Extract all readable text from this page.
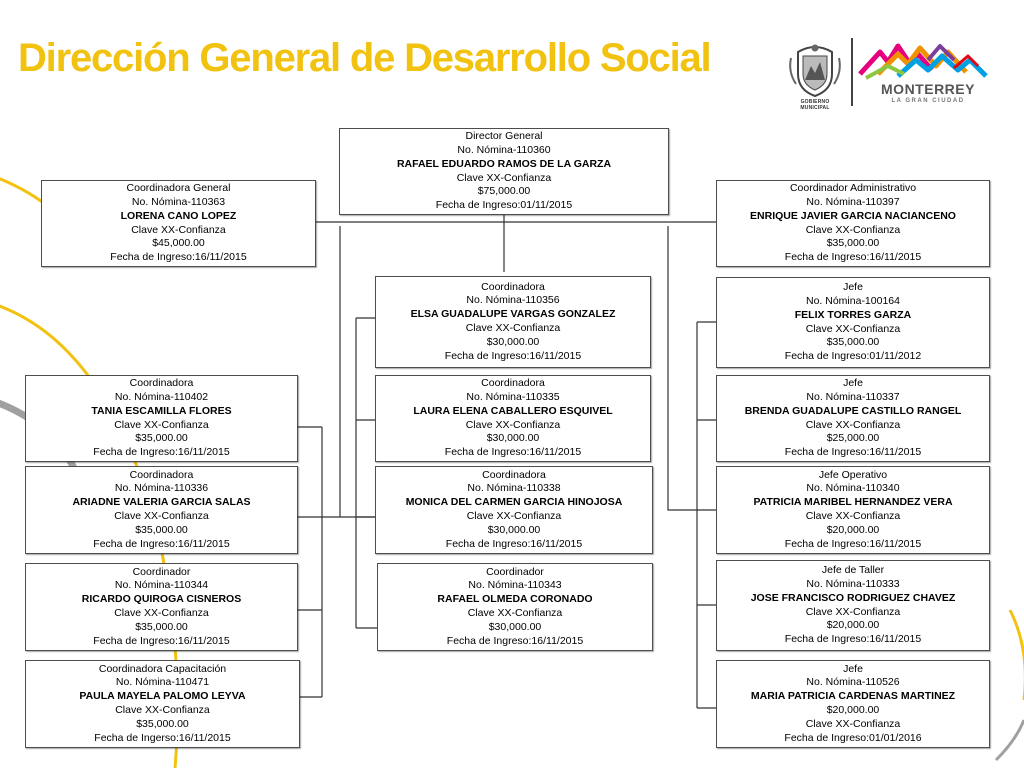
Dirección General de Desarrollo Social
GOBIERNO MUNICIPAL
MONTERREY
LA GRAN CIUDAD
Director General
No. Nómina-110360
RAFAEL EDUARDO RAMOS DE LA GARZA
Clave XX-Confianza
$75,000.00
Fecha de Ingreso:01/11/2015
Coordinadora General
No. Nómina-110363
LORENA CANO LOPEZ
Clave XX-Confianza
$45,000.00
Fecha de Ingreso:16/11/2015
Coordinador Administrativo
No. Nómina-110397
ENRIQUE JAVIER GARCIA NACIANCENO
Clave XX-Confianza
$35,000.00
Fecha de Ingreso:16/11/2015
Coordinadora
No. Nómina-110402
TANIA ESCAMILLA FLORES
Clave XX-Confianza
$35,000.00
Fecha de Ingreso:16/11/2015
Coordinadora
No. Nómina-110336
ARIADNE VALERIA GARCIA SALAS
Clave XX-Confianza
$35,000.00
Fecha de Ingreso:16/11/2015
Coordinador
No. Nómina-110344
RICARDO QUIROGA CISNEROS
Clave XX-Confianza
$35,000.00
Fecha de Ingreso:16/11/2015
Coordinadora Capacitación
No. Nómina-110471
PAULA MAYELA PALOMO LEYVA
Clave XX-Confianza
$35,000.00
Fecha de Ingerso:16/11/2015
Coordinadora
No. Nómina-110356
ELSA GUADALUPE VARGAS GONZALEZ
Clave XX-Confianza
$30,000.00
Fecha de Ingreso:16/11/2015
Coordinadora
No. Nómina-110335
LAURA ELENA CABALLERO ESQUIVEL
Clave XX-Confianza
$30,000.00
Fecha de Ingreso:16/11/2015
Coordinadora
No. Nómina-110338
MONICA DEL CARMEN GARCIA HINOJOSA
Clave XX-Confianza
$30,000.00
Fecha de Ingreso:16/11/2015
Coordinador
No. Nómina-110343
RAFAEL OLMEDA CORONADO
Clave XX-Confianza
$30,000.00
Fecha de Ingreso:16/11/2015
Jefe
No. Nómina-100164
FELIX TORRES GARZA
Clave XX-Confianza
$35,000.00
Fecha de Ingreso:01/11/2012
Jefe
No. Nómina-110337
BRENDA GUADALUPE CASTILLO RANGEL
Clave XX-Confianza
$25,000.00
Fecha de Ingreso:16/11/2015
Jefe Operativo
No. Nómina-110340
PATRICIA MARIBEL HERNANDEZ VERA
Clave XX-Confianza
$20,000.00
Fecha de Ingreso:16/11/2015
Jefe de Taller
No. Nómina-110333
JOSE FRANCISCO RODRIGUEZ CHAVEZ
Clave XX-Confianza
$20,000.00
Fecha de Ingreso:16/11/2015
Jefe
No. Nómina-110526
MARIA PATRICIA CARDENAS MARTINEZ
$20,000.00
Clave XX-Confianza
Fecha de Ingreso:01/01/2016
